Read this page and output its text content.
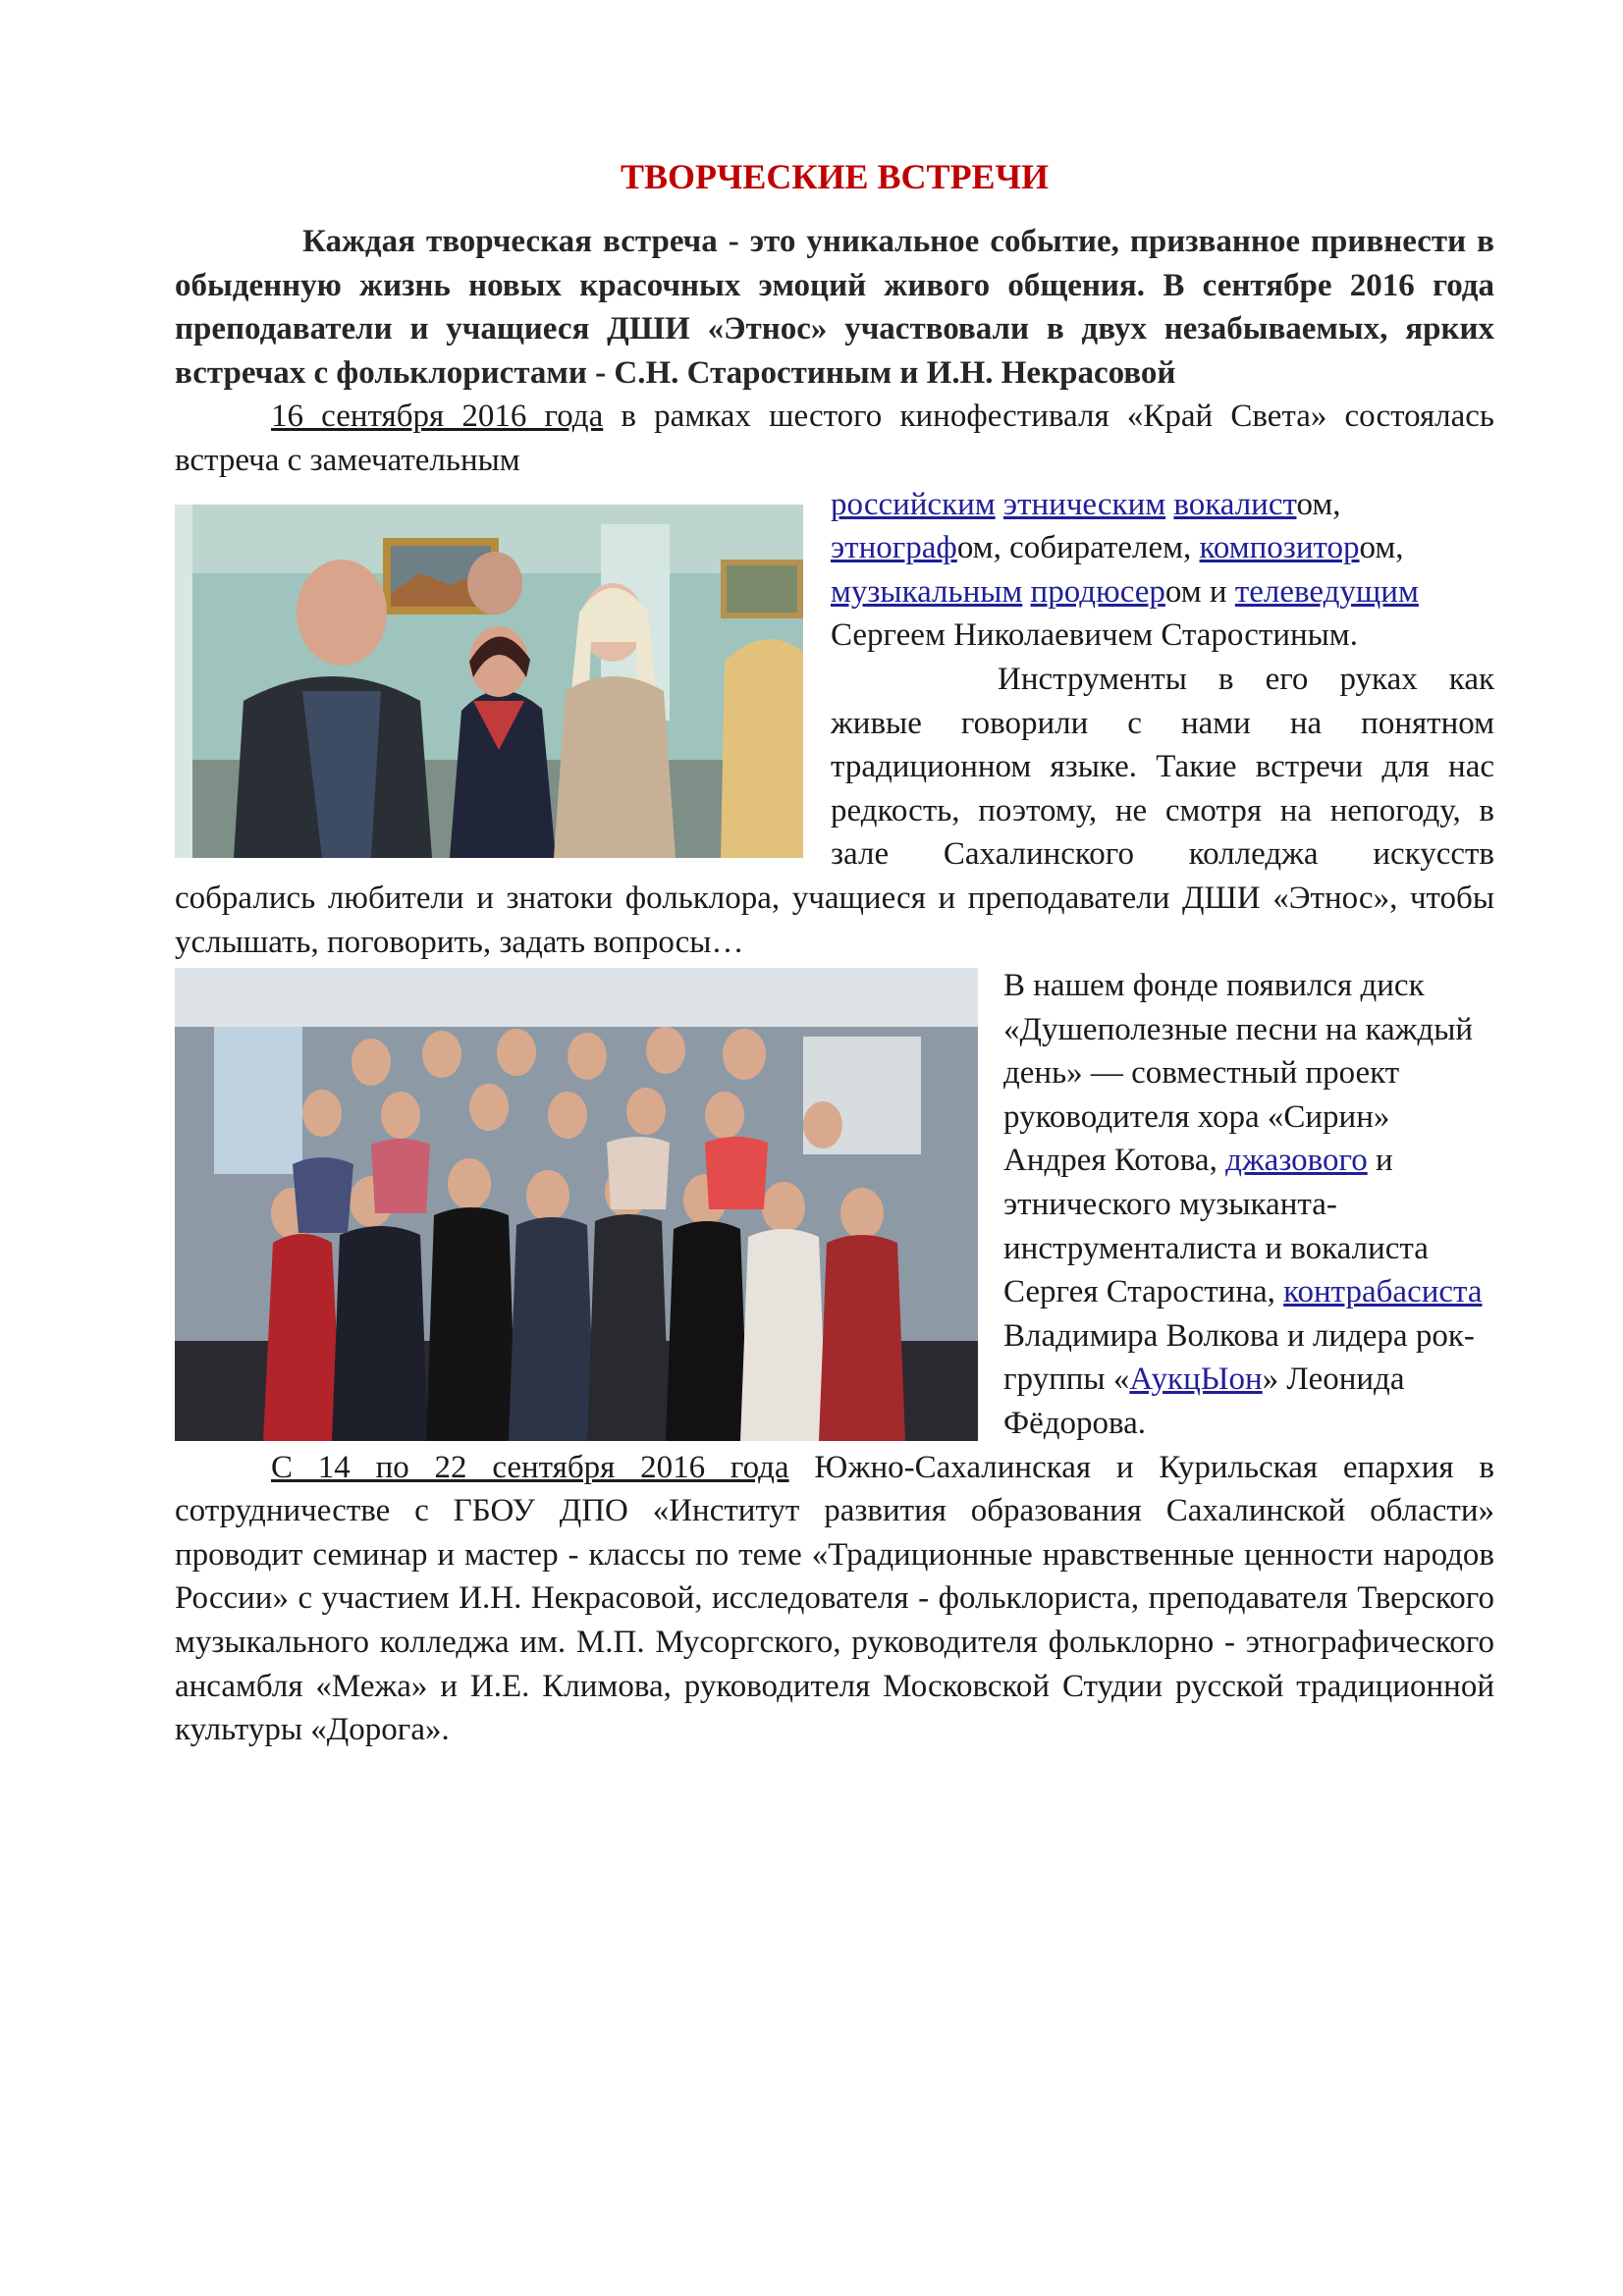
ТВОРЧЕСКИЕ ВСТРЕЧИ

Каждая творческая встреча - это уникальное событие, призванное привнести в обыденную жизнь новых красочных эмоций живого общения. В сентябре 2016 года преподаватели и учащиеся ДШИ «Этнос» участвовали в двух незабываемых, ярких встречах с фольклористами - С.Н. Старостиным и И.Н. Некрасовой

16 сентября 2016 года в рамках шестого кинофестиваля «Край Света» состоялась встреча с замечательным

российским этническим вокалистом, этнографом, собирателем, композитором, музыкальным продюсером и телеведущим Сергеем Николаевичем Старостиным.

Инструменты в его руках как живые говорили с нами на понятном традиционном языке. Такие встречи для нас редкость, поэтому, не смотря на непогоду, в зале Сахалинского колледжа искусств собрались любители и знатоки фольклора, учащиеся и преподаватели ДШИ «Этнос», чтобы услышать, поговорить, задать вопросы…

В нашем фонде появился диск «Душеполезные песни на каждый день» — совместный проект руководителя хора «Сирин» Андрея Котова, джазового и этнического музыканта-инструменталиста и вокалиста Сергея Старостина, контрабасиста Владимира Волкова и лидера рок-группы «АукцЫон» Леонида Фёдорова.

С 14 по 22 сентября 2016 года Южно-Сахалинская и Курильская епархия в сотрудничестве с ГБОУ ДПО «Институт развития образования Сахалинской области» проводит семинар и мастер - классы по теме «Традиционные нравственные ценности народов России» с участием И.Н. Некрасовой, исследователя - фольклориста, преподавателя Тверского музыкального колледжа им. М.П. Мусоргского, руководителя фольклорно - этнографического ансамбля «Межа» и И.Е. Климова, руководителя Московской Студии русской традиционной культуры «Дорога».
